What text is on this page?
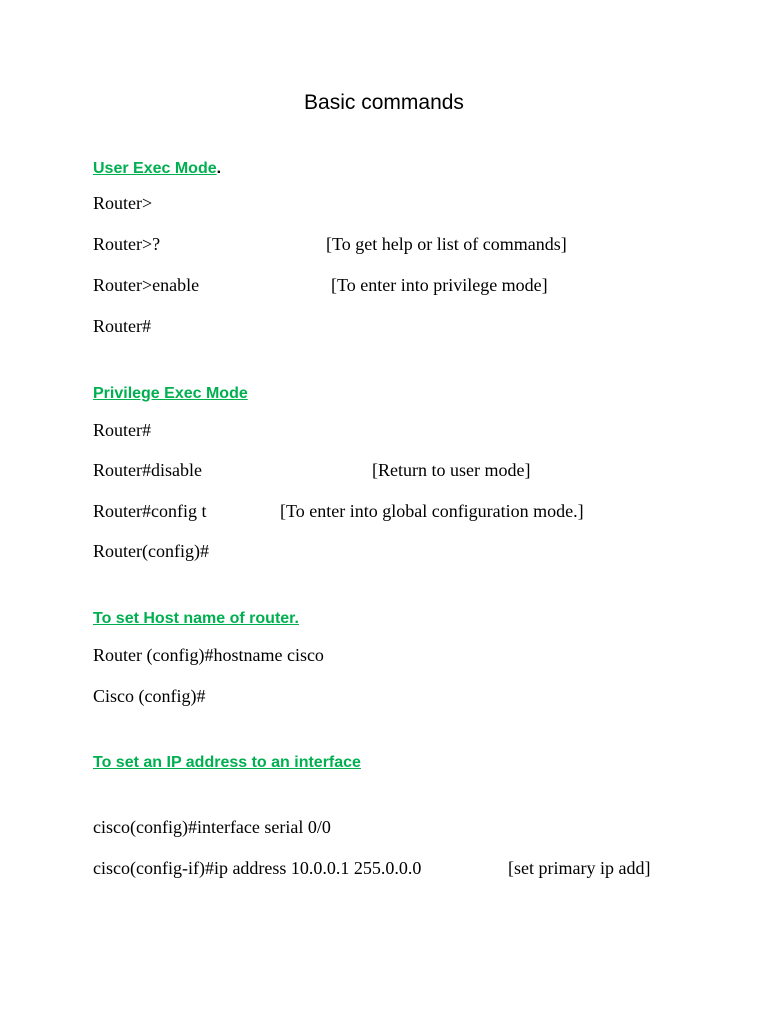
Basic commands
User Exec Mode.
Router>
Router>?	[To get help or list of commands]
Router>enable	[To enter into privilege mode]
Router#
Privilege Exec Mode
Router#
Router#disable	[Return to user mode]
Router#config t	[To enter into global configuration mode.]
Router(config)#
To set Host name of router.
Router (config)#hostname cisco
Cisco (config)#
To set an IP address to an interface
cisco(config)#interface serial 0/0
cisco(config-if)#ip address 10.0.0.1 255.0.0.0	[set primary ip add]
